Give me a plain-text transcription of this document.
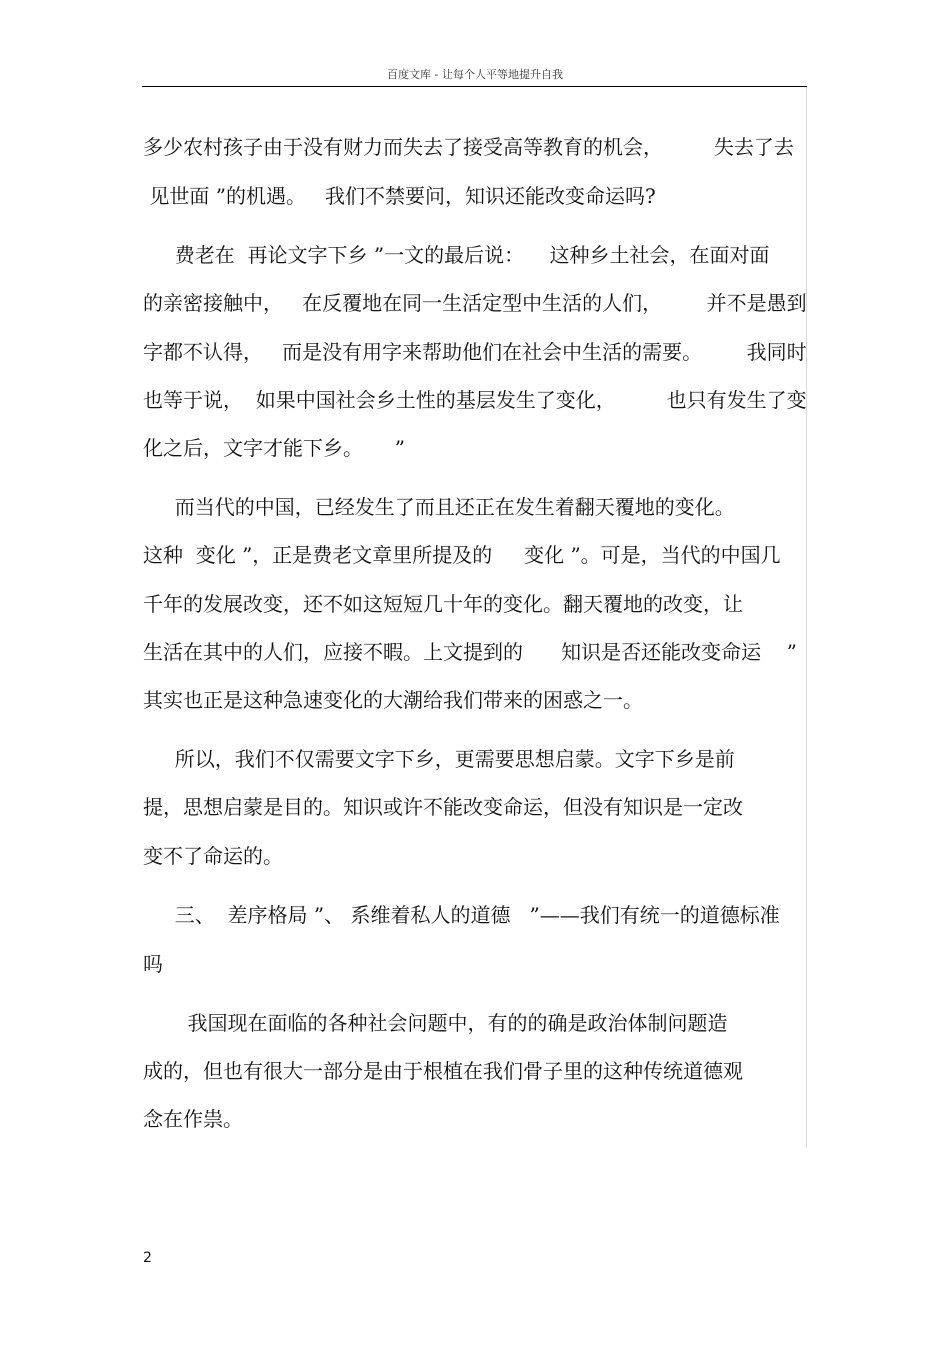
百度文库 - 让每个人平等地提升自我
多少农村孩子由于没有财力而失去了接受高等教育的机会，        失去了去
见世面 ”的机遇。   我们不禁要问，知识还能改变命运吗?
费老在  再论文字下乡 ”一文的最后说：    这种乡土社会，在面对面
的亲密接触中，   在反覆地在同一生活定型中生活的人们，       并不是愚到
字都不认得，   而是没有用字来帮助他们在社会中生活的需要。       我同时
也等于说，  如果中国社会乡土性的基层发生了变化，        也只有发生了变
化之后，文字才能下乡。     ”
而当代的中国，已经发生了而且还正在发生着翻天覆地的变化。
这种  变化 ”，正是费老文章里所提及的     变化 ”。可是，当代的中国几
千年的发展改变，还不如这短短几十年的变化。翻天覆地的改变，让
生活在其中的人们，应接不暇。上文提到的      知识是否还能改变命运    ”
其实也正是这种急速变化的大潮给我们带来的困惑之一。
所以，我们不仅需要文字下乡，更需要思想启蒙。文字下乡是前
提，思想启蒙是目的。知识或许不能改变命运，但没有知识是一定改
变不了命运的。
三、  差序格局 ”、 系维着私人的道德   ”——我们有统一的道德标准
吗
我国现在面临的各种社会问题中，有的的确是政治体制问题造
成的，但也有很大一部分是由于根植在我们骨子里的这种传统道德观
念在作祟。
2
